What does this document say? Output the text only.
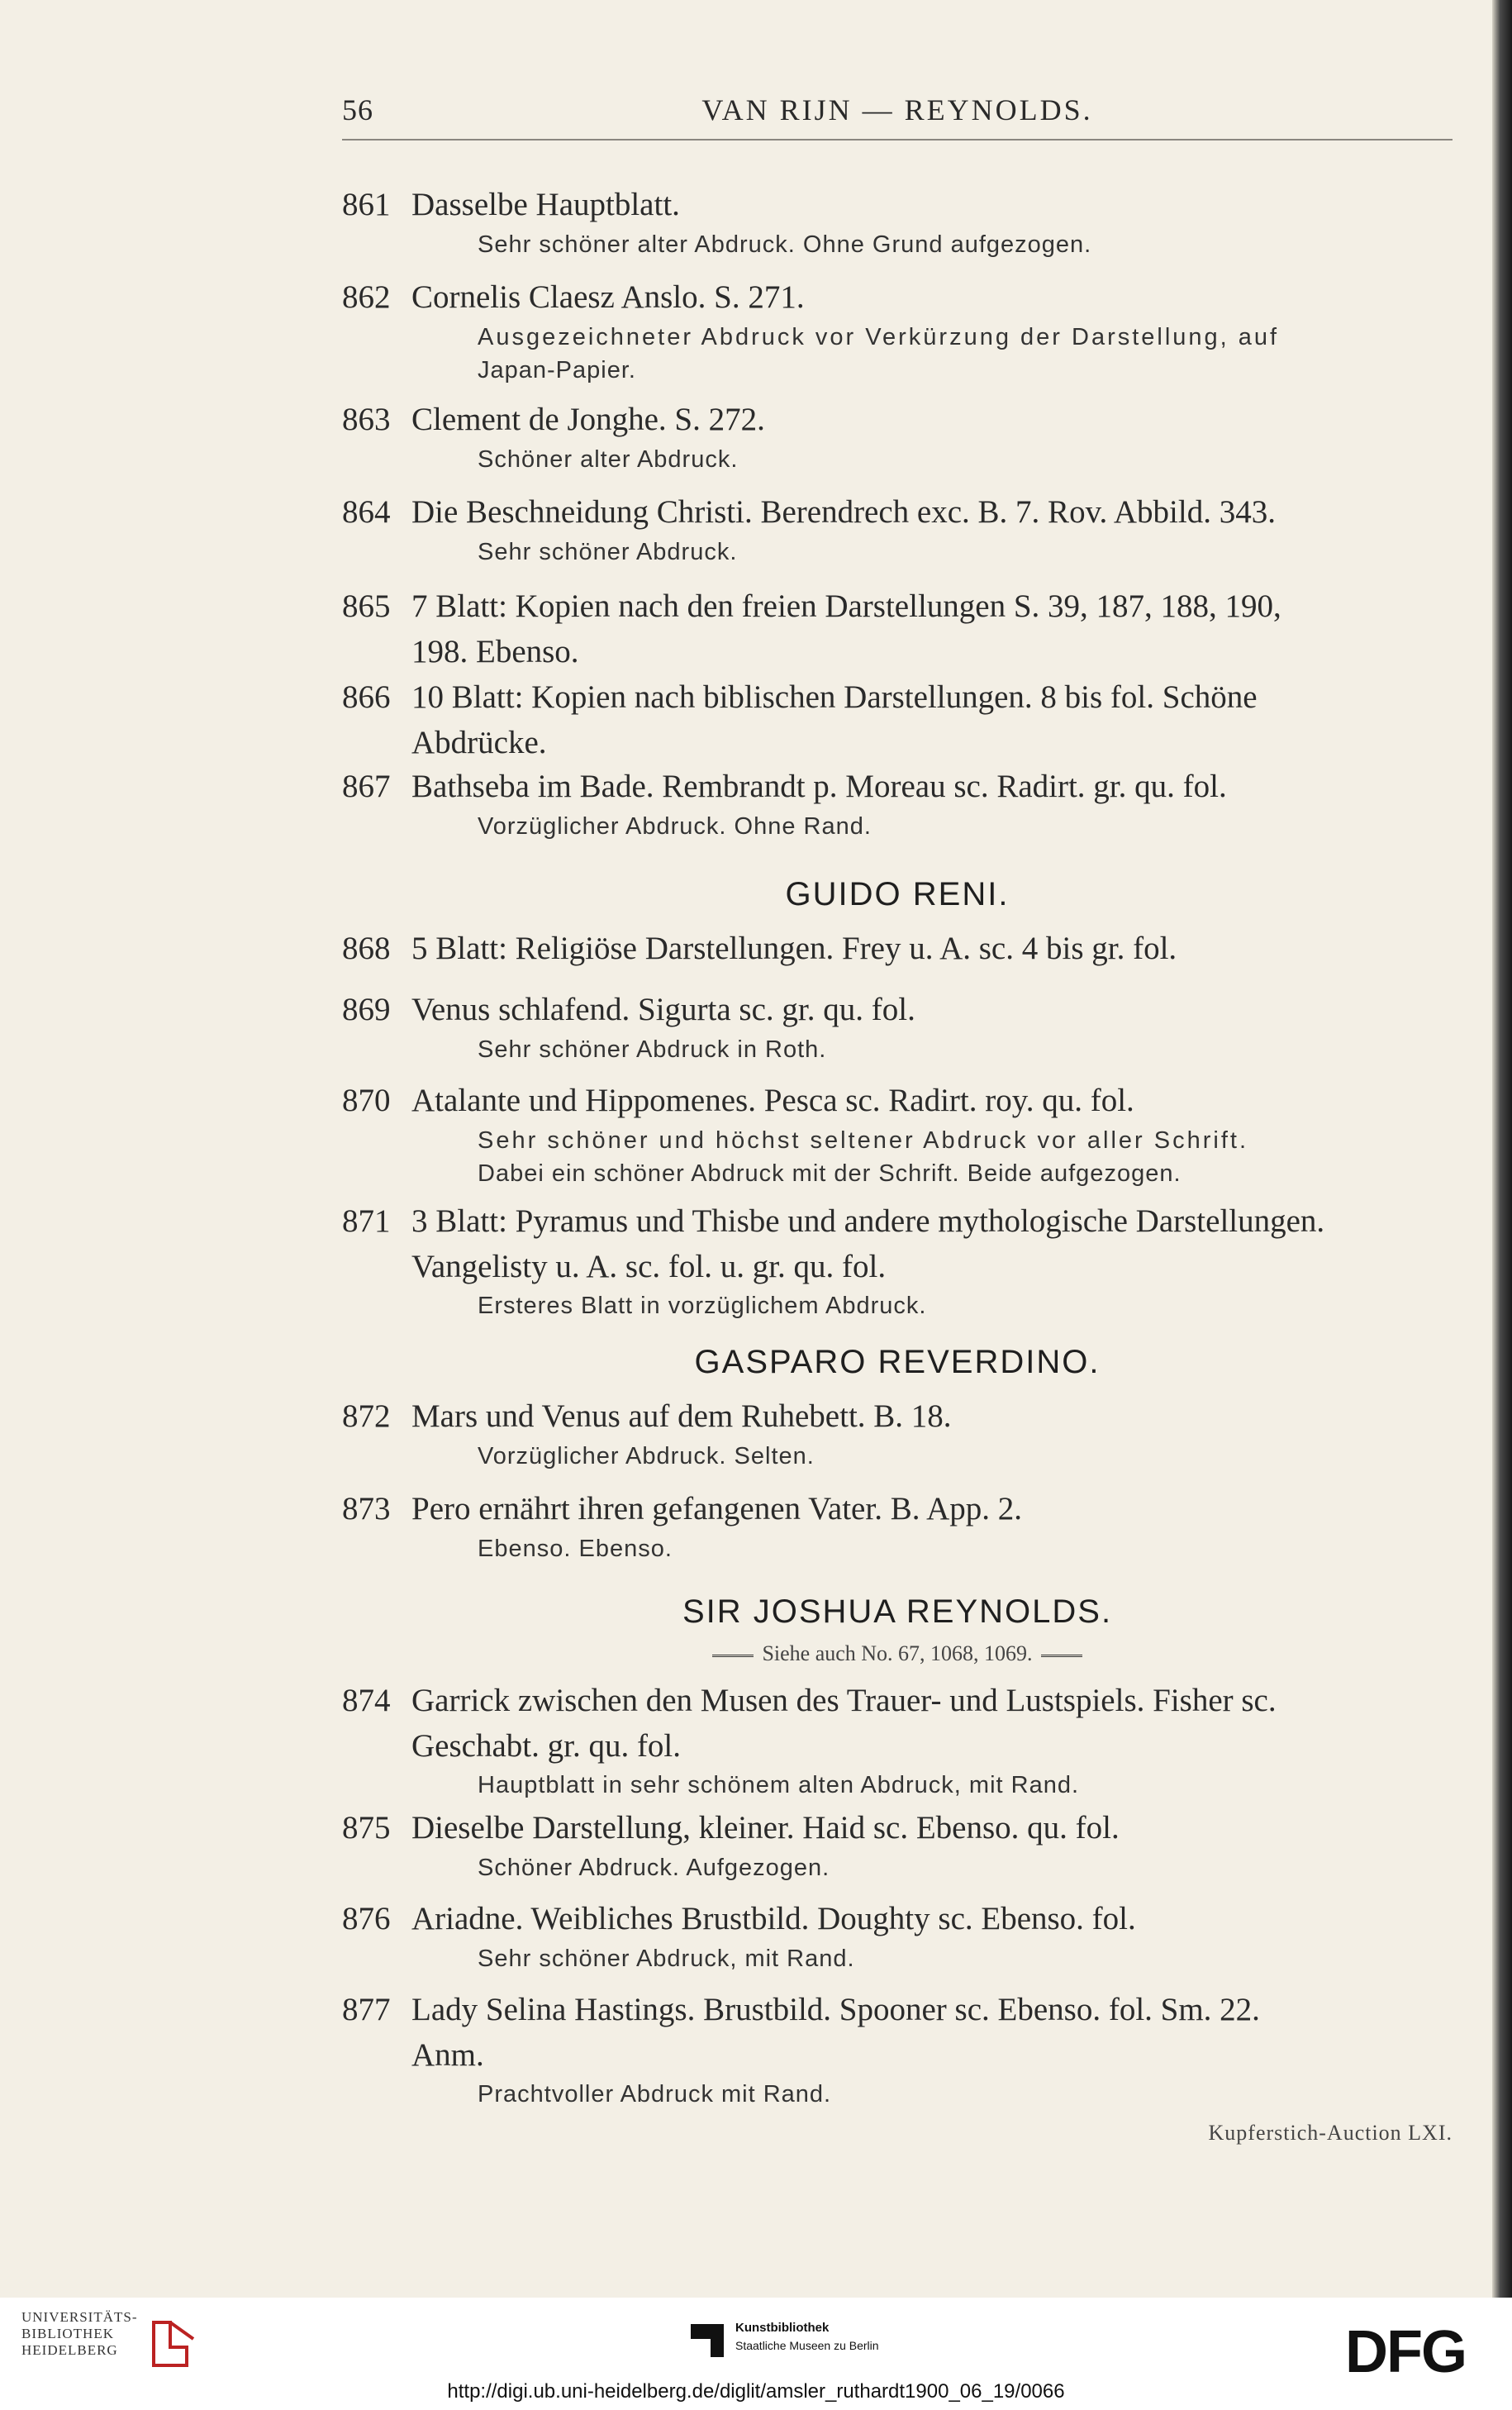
56	VAN RIJN — REYNOLDS.
861 Dasselbe Hauptblatt.
Sehr schöner alter Abdruck. Ohne Grund aufgezogen.
862 Cornelis Claesz Anslo. S. 271.
Ausgezeichneter Abdruck vor Verkürzung der Darstellung, auf
Japan-Papier.
863 Clement de Jonghe. S. 272.
Schöner alter Abdruck.
864 Die Beschneidung Christi. Berendrech exc. B. 7. Rov. Abbild. 343.
Sehr schöner Abdruck.
865 7 Blatt: Kopien nach den freien Darstellungen S. 39, 187, 188, 190,
198. Ebenso.
866 10 Blatt: Kopien nach biblischen Darstellungen. 8 bis fol. Schöne
Abdrücke.
867 Bathseba im Bade. Rembrandt p. Moreau sc. Radirt. gr. qu. fol.
Vorzüglicher Abdruck. Ohne Rand.
GUIDO RENI.
868 5 Blatt: Religiöse Darstellungen. Frey u. A. sc. 4 bis gr. fol.
869 Venus schlafend. Sigurta sc. gr. qu. fol.
Sehr schöner Abdruck in Roth.
870 Atalante und Hippomenes. Pesca sc. Radirt. roy. qu. fol.
Sehr schöner und höchst seltener Abdruck vor aller Schrift.
Dabei ein schöner Abdruck mit der Schrift. Beide aufgezogen.
871 3 Blatt: Pyramus und Thisbe und andere mythologische Darstellungen.
Vangelisty u. A. sc. fol. u. gr. qu. fol.
Ersteres Blatt in vorzüglichem Abdruck.
GASPARO REVERDINO.
872 Mars und Venus auf dem Ruhebett. B. 18.
Vorzüglicher Abdruck. Selten.
873 Pero ernährt ihren gefangenen Vater. B. App. 2.
Ebenso. Ebenso.
SIR JOSHUA REYNOLDS.
Siehe auch No. 67, 1068, 1069.
874 Garrick zwischen den Musen des Trauer- und Lustspiels. Fisher sc.
Geschabt. gr. qu. fol.
Hauptblatt in sehr schönem alten Abdruck, mit Rand.
875 Dieselbe Darstellung, kleiner. Haid sc. Ebenso. qu. fol.
Schöner Abdruck. Aufgezogen.
876 Ariadne. Weibliches Brustbild. Doughty sc. Ebenso. fol.
Sehr schöner Abdruck, mit Rand.
877 Lady Selina Hastings. Brustbild. Spooner sc. Ebenso. fol. Sm. 22.
Anm.
Prachtvoller Abdruck mit Rand.
Kupferstich-Auction LXI.
UNIVERSITÄTS-
BIBLIOTHEK
HEIDELBERG
Kunstbibliothek
Staatliche Museen zu Berlin	DFG
http://digi.ub.uni-heidelberg.de/diglit/amsler_ruthardt1900_06_19/0066
